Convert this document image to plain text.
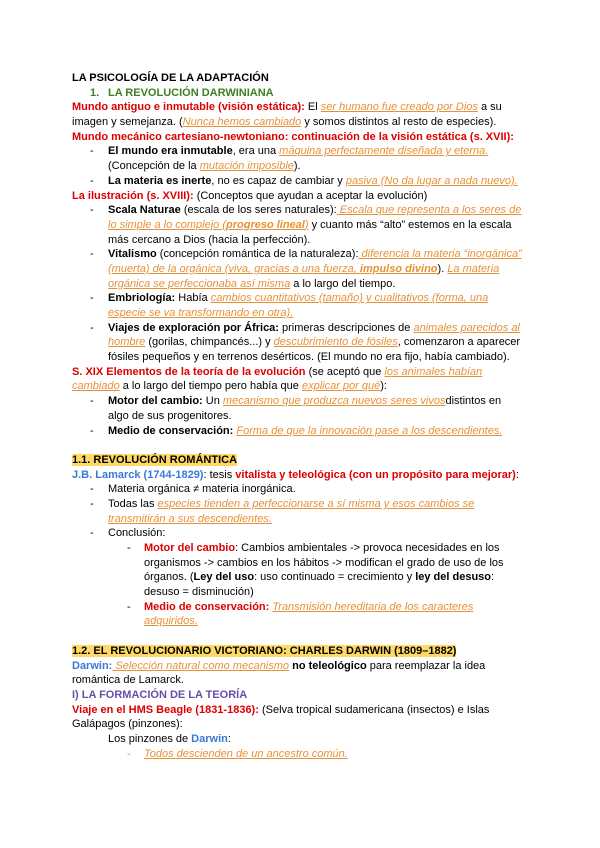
LA PSICOLOGÍA DE LA ADAPTACIÓN
1. LA REVOLUCIÓN DARWINIANA
Mundo antiguo e inmutable (visión estática): El ser humano fue creado por Dios a su
imagen y semejanza. (Nunca hemos cambiado y somos distintos al resto de especies).
Mundo mecánico cartesiano-newtoniano: continuación de la visión estática (s. XVII):
- El mundo era inmutable, era una máquina perfectamente diseñada y eterna.
(Concepción de la mutación imposible).
- La materia es inerte, no es capaz de cambiar y pasiva (No da lugar a nada nuevo).
La ilustración (s. XVIII): (Conceptos que ayudan a aceptar la evolución)
- Scala Naturae (escala de los seres naturales): Escala que representa a los seres de
lo simple a lo complejo (progreso lineal) y cuanto más “alto” estemos en la escala
más cercano a Dios (hacia la perfección).
- Vitalismo (concepción romántica de la naturaleza): diferencia la materia “inorgánica”
(muerta) de la orgánica (viva, gracias a una fuerza, impulso divino). La materia
orgánica se perfeccionaba así misma a lo largo del tiempo.
- Embriología: Había cambios cuantitativos (tamaño) y cualitativos (forma, una
especie se va transformando en otra).
- Viajes de exploración por África: primeras descripciones de animales parecidos al
hombre (gorilas, chimpancés...) y descubrimiento de fósiles, comenzaron a aparecer
fósiles pequeños y en terrenos desérticos. (El mundo no era fijo, había cambiado).
S. XIX Elementos de la teoría de la evolución (se aceptó que los animales habían
cambiado a lo largo del tiempo pero había que explicar por qué):
- Motor del cambio: Un mecanismo que produzca nuevos seres vivosdistintos en
algo de sus progenitores.
- Medio de conservación: Forma de que la innovación pase a los descendientes.
1.1. REVOLUCIÓN ROMÁNTICA
J.B. Lamarck (1744-1829): tesis vitalista y teleológica (con un propósito para mejorar):
- Materia orgánica ≠ materia inorgánica.
- Todas las especies tienden a perfeccionarse a sí misma y esos cambios se
transmitirán a sus descendientes.
- Conclusión:
- Motor del cambio: Cambios ambientales -> provoca necesidades en los
organismos -> cambios en los hábitos -> modifican el grado de uso de los
órganos. (Ley del uso: uso continuado = crecimiento y ley del desuso:
desuso = disminución)
- Medio de conservación: Transmisión hereditaria de los caracteres
adquiridos.
1.2. EL REVOLUCIONARIO VICTORIANO: CHARLES DARWIN (1809–1882)
Darwin: Selección natural como mecanismo no teleológico para reemplazar la idea
romántica de Lamarck.
I) LA FORMACIÓN DE LA TEORÍA
Viaje en el HMS Beagle (1831-1836): (Selva tropical sudamericana (insectos) e Islas
Galápagos (pinzones):
Los pinzones de Darwin:
- Todos descienden de un ancestro común.
